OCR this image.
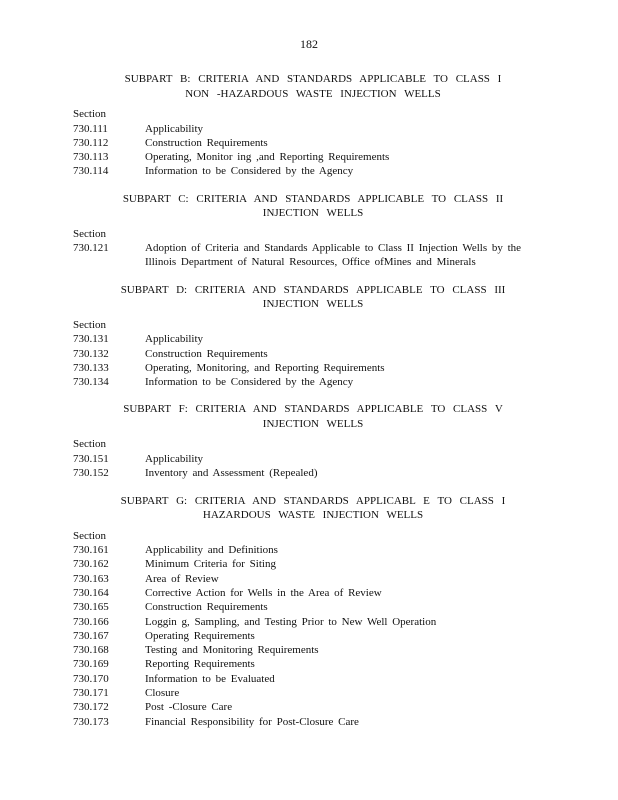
182
SUBPART B: CRITERIA AND STANDARDS APPLICABLE TO CLASS I
NON -HAZARDOUS WASTE INJECTION WELLS
Section
730.111	Applicability
730.112	Construction Requirements
730.113	Operating, Monitor ing ,and Reporting Requirements
730.114	Information to be Considered by the Agency
SUBPART C: CRITERIA AND STANDARDS APPLICABLE TO CLASS II
INJECTION WELLS
Section
730.121	Adoption of Criteria and Standards Applicable to Class II Injection Wells by the Illinois Department of Natural Resources, Office ofMines and Minerals
SUBPART D: CRITERIA AND STANDARDS APPLICABLE TO CLASS III
INJECTION WELLS
Section
730.131	Applicability
730.132	Construction Requirements
730.133	Operating, Monitoring, and Reporting Requirements
730.134	Information to be Considered by the Agency
SUBPART F: CRITERIA AND STANDARDS APPLICABLE TO CLASS V
INJECTION WELLS
Section
730.151	Applicability
730.152	Inventory and Assessment (Repealed)
SUBPART G: CRITERIA AND STANDARDS APPLICABL E TO CLASS I
HAZARDOUS WASTE INJECTION WELLS
Section
730.161	Applicability and Definitions
730.162	Minimum Criteria for Siting
730.163	Area of Review
730.164	Corrective Action for Wells in the Area of Review
730.165	Construction Requirements
730.166	Loggin g, Sampling, and Testing Prior to New Well Operation
730.167	Operating Requirements
730.168	Testing and Monitoring Requirements
730.169	Reporting Requirements
730.170	Information to be Evaluated
730.171	Closure
730.172	Post -Closure Care
730.173	Financial Responsibility for Post-Closure Care
